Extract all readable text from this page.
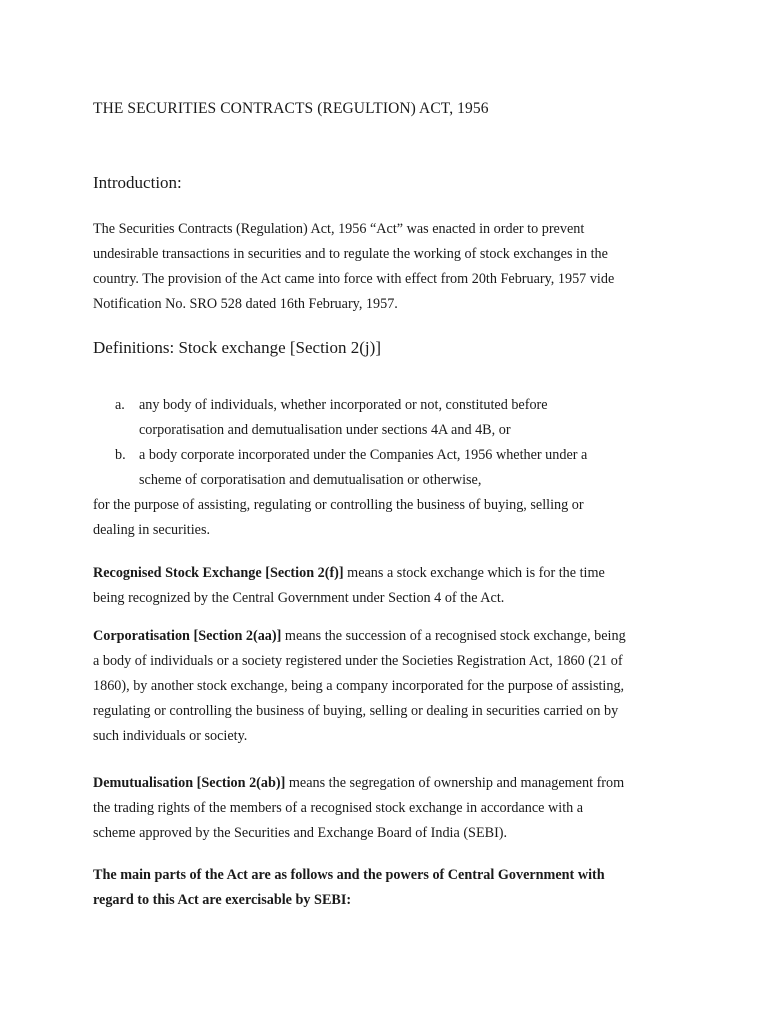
THE SECURITIES CONTRACTS (REGULTION) ACT, 1956
Introduction:
The Securities Contracts (Regulation) Act, 1956 “Act” was enacted in order to prevent
undesirable transactions in securities and to regulate the working of stock exchanges in the
country. The provision of the Act came into force with effect from 20th February, 1957 vide
Notification No. SRO 528 dated 16th February, 1957.
Definitions: Stock exchange [Section 2(j)]
a. any body of individuals, whether incorporated or not, constituted before
corporatisation and demutualisation under sections 4A and 4B, or
b. a body corporate incorporated under the Companies Act, 1956 whether under a
scheme of corporatisation and demutualisation or otherwise,
for the purpose of assisting, regulating or controlling the business of buying, selling or
dealing in securities.
Recognised Stock Exchange [Section 2(f)] means a stock exchange which is for the time
being recognized by the Central Government under Section 4 of the Act.
Corporatisation [Section 2(aa)] means the succession of a recognised stock exchange, being
a body of individuals or a society registered under the Societies Registration Act, 1860 (21 of
1860), by another stock exchange, being a company incorporated for the purpose of assisting,
regulating or controlling the business of buying, selling or dealing in securities carried on by
such individuals or society.
Demutualisation [Section 2(ab)] means the segregation of ownership and management from
the trading rights of the members of a recognised stock exchange in accordance with a
scheme approved by the Securities and Exchange Board of India (SEBI).
The main parts of the Act are as follows and the powers of Central Government with
regard to this Act are exercisable by SEBI:
